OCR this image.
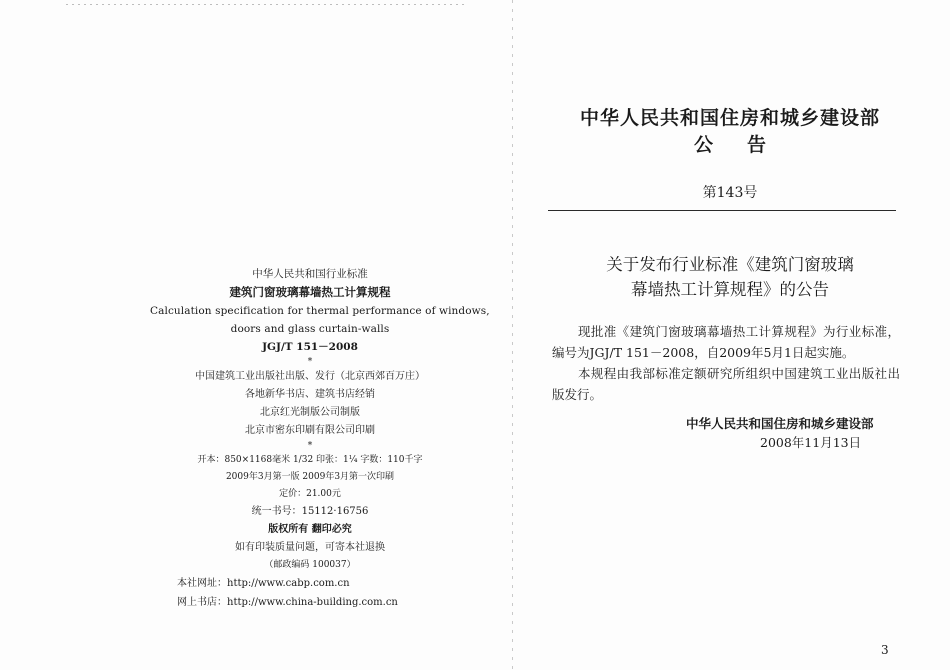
中华人民共和国行业标准
建筑门窗玻璃幕墙热工计算规程
Calculation specification for thermal performance of windows,
doors and glass curtain-walls
JGJ/T 151－2008
*
中国建筑工业出版社出版、发行（北京西郊百万庄）
各地新华书店、建筑书店经销
北京红光制版公司制版
北京市密东印刷有限公司印刷
*
开本：850×1168毫米 1/32 印张：1¼ 字数：110千字
2009年3月第一版 2009年3月第一次印刷
定价：21.00元
统一书号：15112·16756
版权所有 翻印必究
如有印装质量问题，可寄本社退换
（邮政编码 100037）
本社网址：http://www.cabp.com.cn
网上书店：http://www.china-building.com.cn
中华人民共和国住房和城乡建设部
公告
第143号
关于发布行业标准《建筑门窗玻璃
幕墙热工计算规程》的公告

现批准《建筑门窗玻璃幕墙热工计算规程》为行业标准，编号为JGJ/T 151－2008，自2009年5月1日起实施。

本规程由我部标准定额研究所组织中国建筑工业出版社出版发行。

中华人民共和国住房和城乡建设部
2008年11月13日
3
